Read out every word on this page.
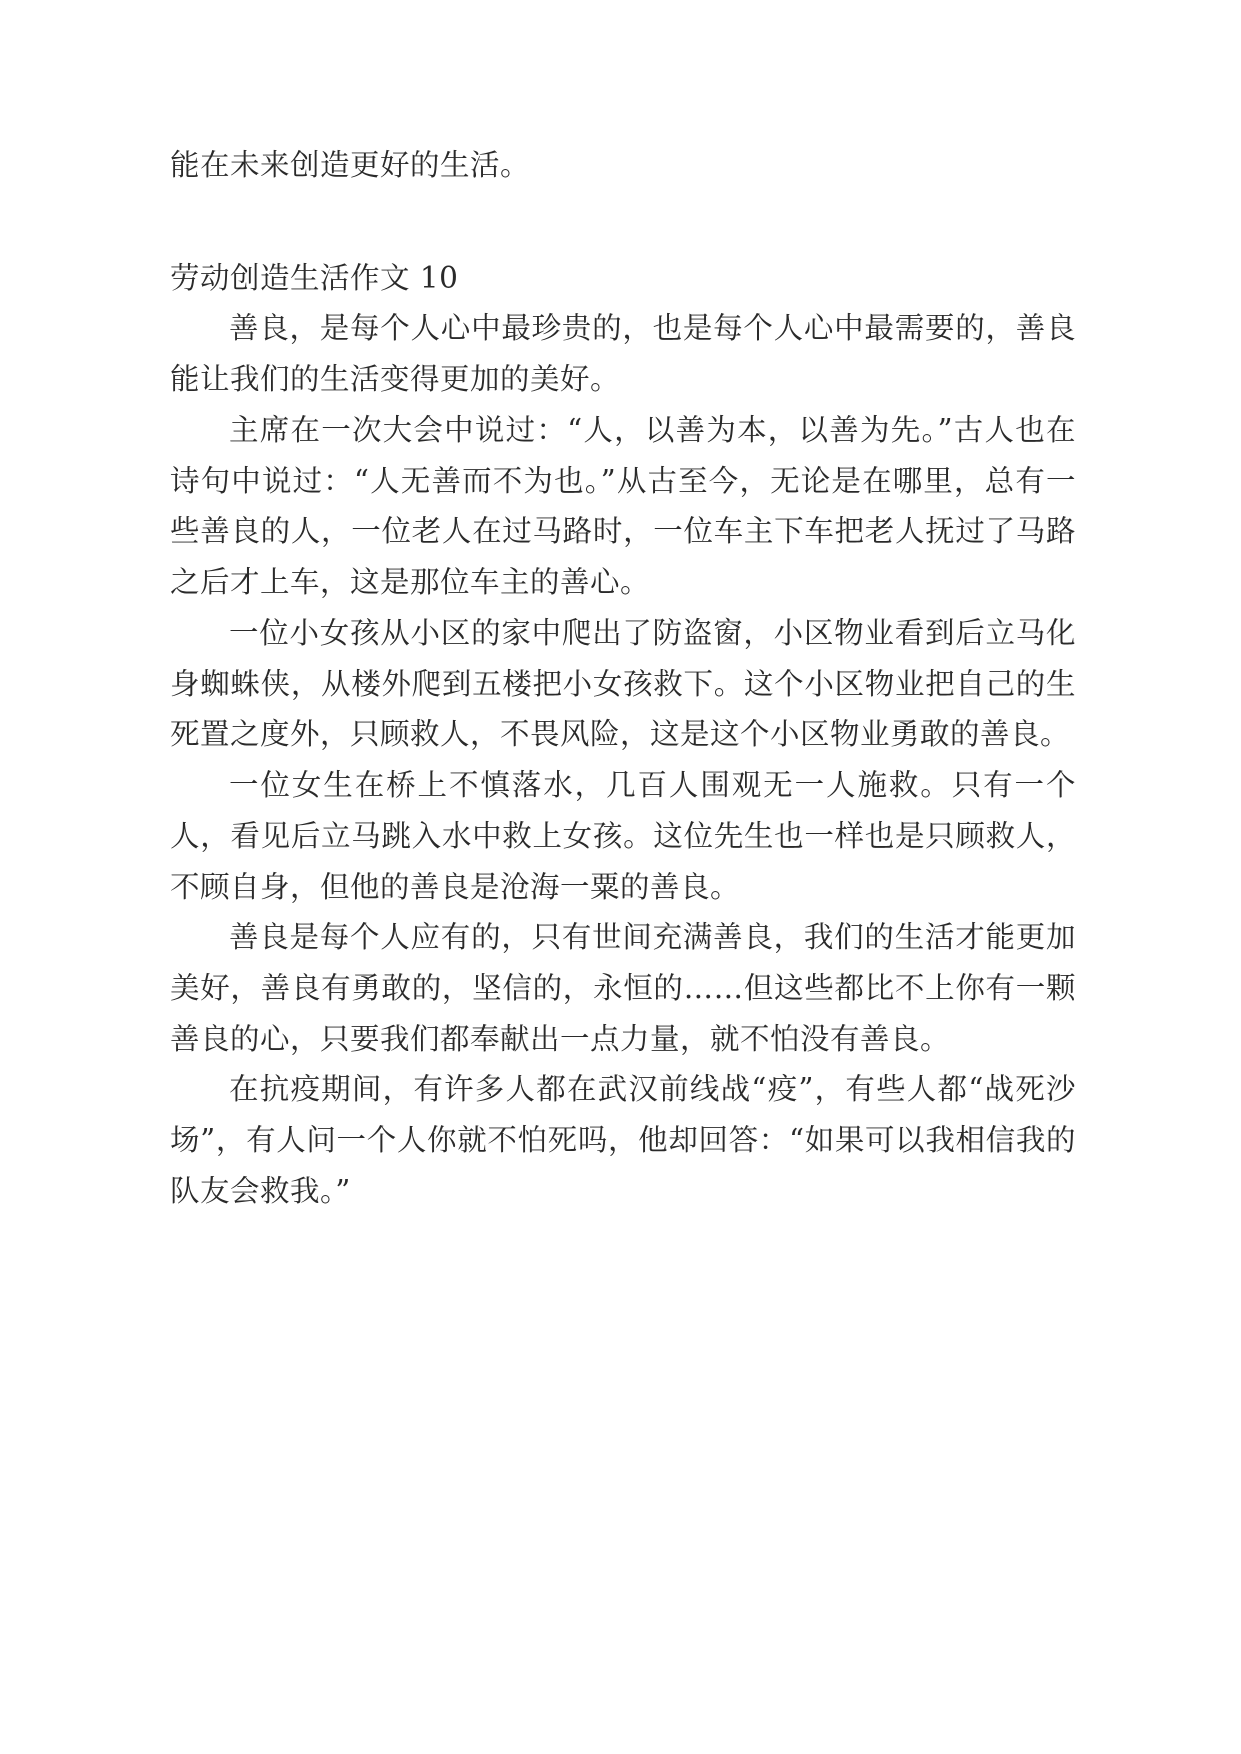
能在未来创造更好的生活。

劳动创造生活作文 10

善良，是每个人心中最珍贵的，也是每个人心中最需要的，善良能让我们的生活变得更加的美好。

主席在一次大会中说过：“人，以善为本，以善为先。”古人也在诗句中说过：“人无善而不为也。”从古至今，无论是在哪里，总有一些善良的人，一位老人在过马路时，一位车主下车把老人抚过了马路之后才上车，这是那位车主的善心。

一位小女孩从小区的家中爬出了防盗窗，小区物业看到后立马化身蜘蛛侠，从楼外爬到五楼把小女孩救下。这个小区物业把自己的生死置之度外，只顾救人，不畏风险，这是这个小区物业勇敢的善良。

一位女生在桥上不慎落水，几百人围观无一人施救。只有一个人，看见后立马跳入水中救上女孩。这位先生也一样也是只顾救人，不顾自身，但他的善良是沧海一粟的善良。

善良是每个人应有的，只有世间充满善良，我们的生活才能更加美好，善良有勇敢的，坚信的，永恒的……但这些都比不上你有一颗善良的心，只要我们都奉献出一点力量，就不怕没有善良。

在抗疫期间，有许多人都在武汉前线战“疫”，有些人都“战死沙场”，有人问一个人你就不怕死吗，他却回答：“如果可以我相信我的队友会救我。”
